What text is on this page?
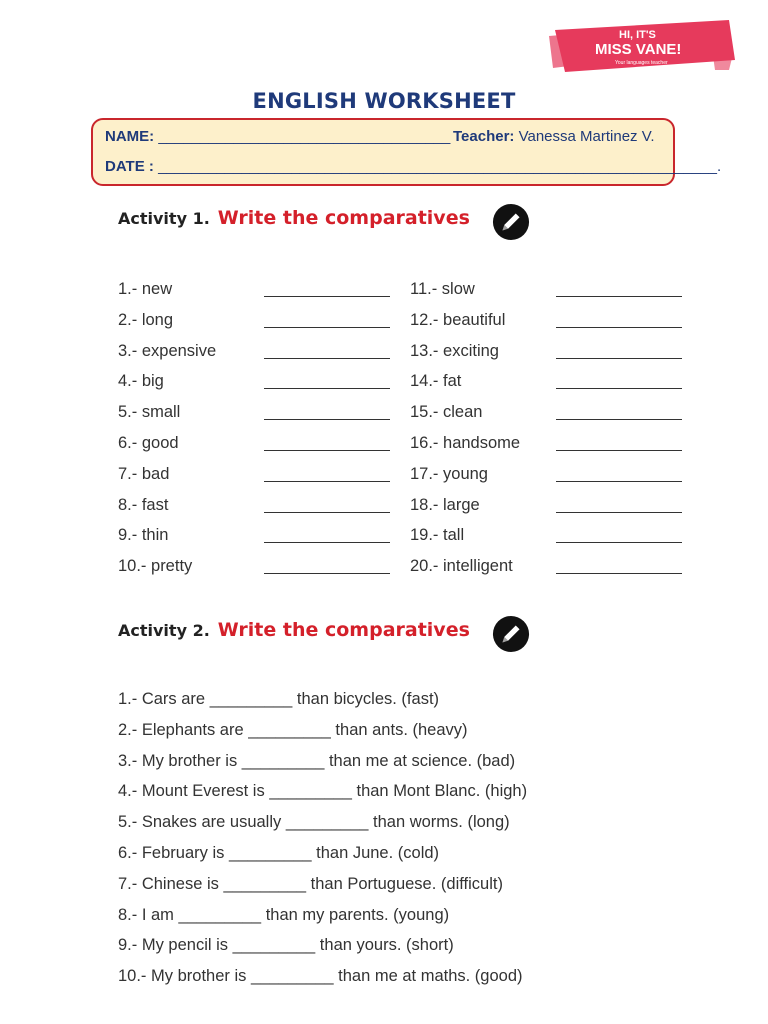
HI, IT'S
MISS VANE!
Your languages teacher
ENGLISH WORKSHEET
NAME: ___________________________________ Teacher: Vanessa Martinez V.
DATE : ___________________________________________________________________.
Activity 1. Write the comparatives
1.- new
2.- long
3.- expensive
4.- big
5.- small
6.- good
7.- bad
8.- fast
9.- thin
10.- pretty
11.- slow
12.- beautiful
13.- exciting
14.- fat
15.- clean
16.- handsome
17.- young
18.- large
19.- tall
20.- intelligent
Activity 2. Write the comparatives
1.- Cars are _________ than bicycles. (fast)
2.- Elephants are _________ than ants. (heavy)
3.- My brother is _________ than me at science. (bad)
4.- Mount Everest is _________ than Mont Blanc. (high)
5.- Snakes are usually _________ than worms. (long)
6.- February is _________ than June. (cold)
7.- Chinese is _________ than Portuguese. (difficult)
8.- I am _________ than my parents. (young)
9.- My pencil is _________ than yours. (short)
10.- My brother is _________ than me at maths. (good)
